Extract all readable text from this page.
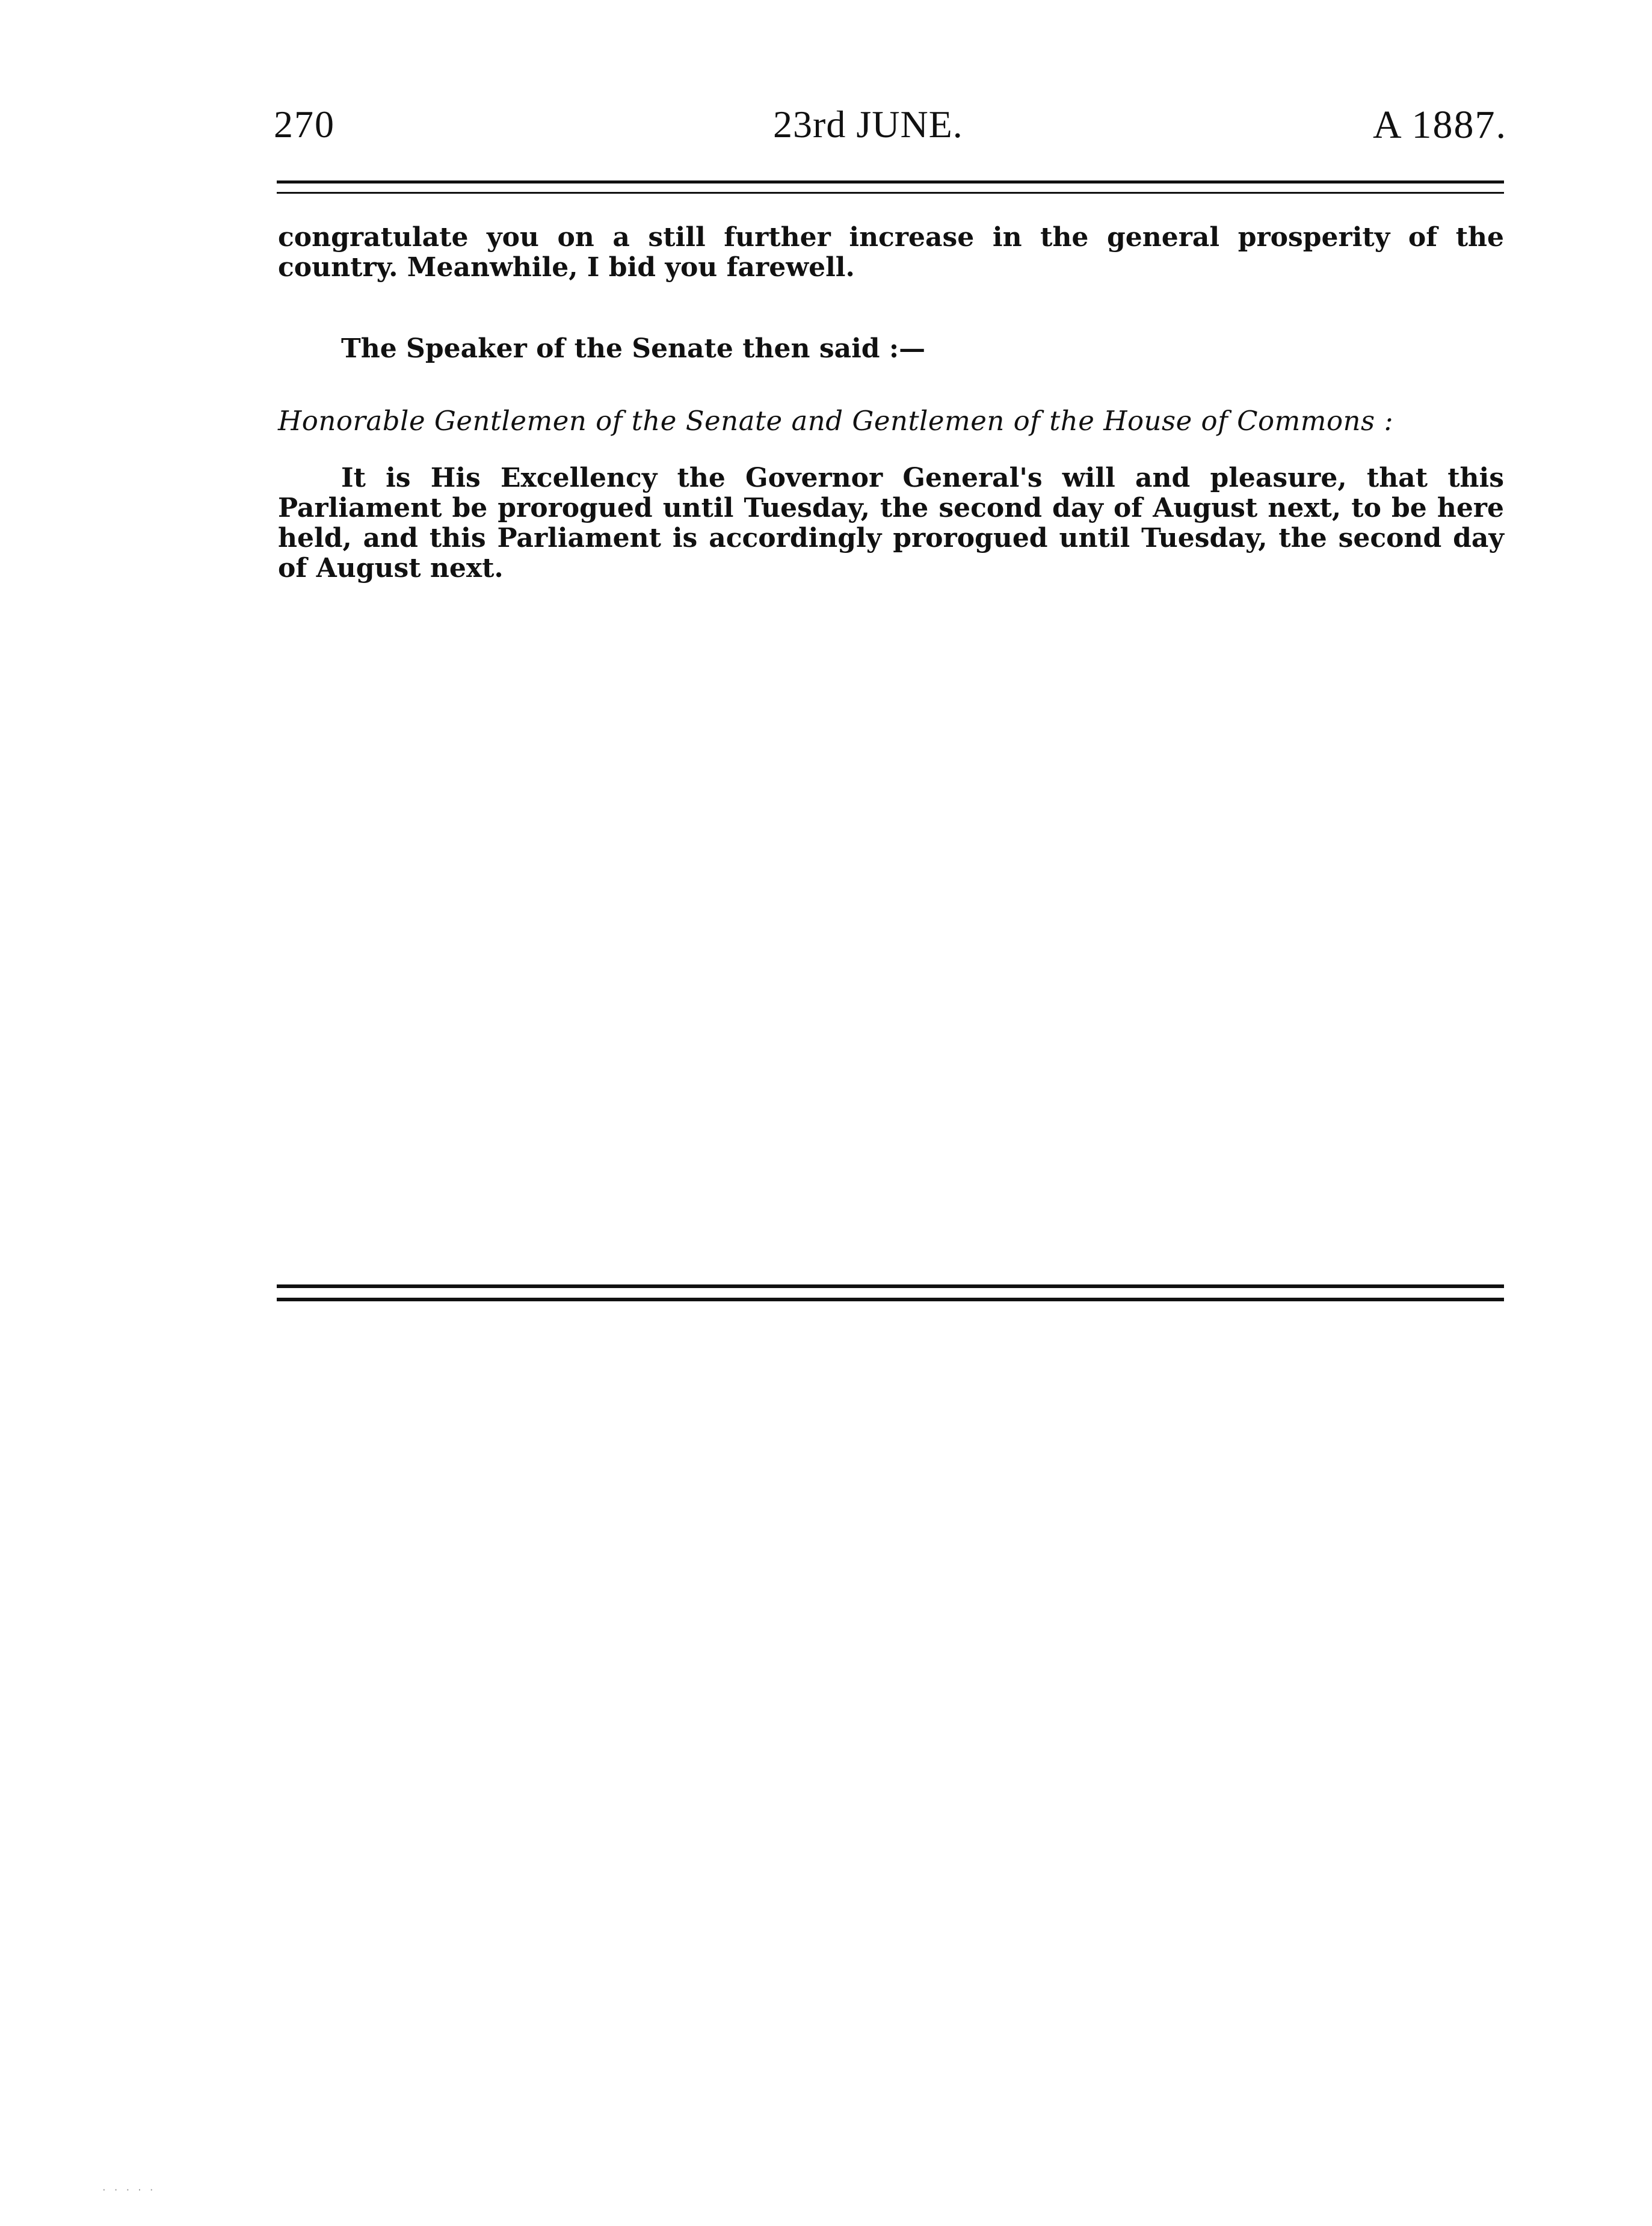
270	23rd JUNE.	A 1887.

congratulate you on a still further increase in the general prosperity of the country. Meanwhile, I bid you farewell.

The Speaker of the Senate then said :—

Honorable Gentlemen of the Senate and Gentlemen of the House of Commons :

It is His Excellency the Governor General's will and pleasure, that this Parliament be prorogued until Tuesday, the second day of August next, to be here held, and this Parliament is accordingly prorogued until Tuesday, the second day of August next.

·····
